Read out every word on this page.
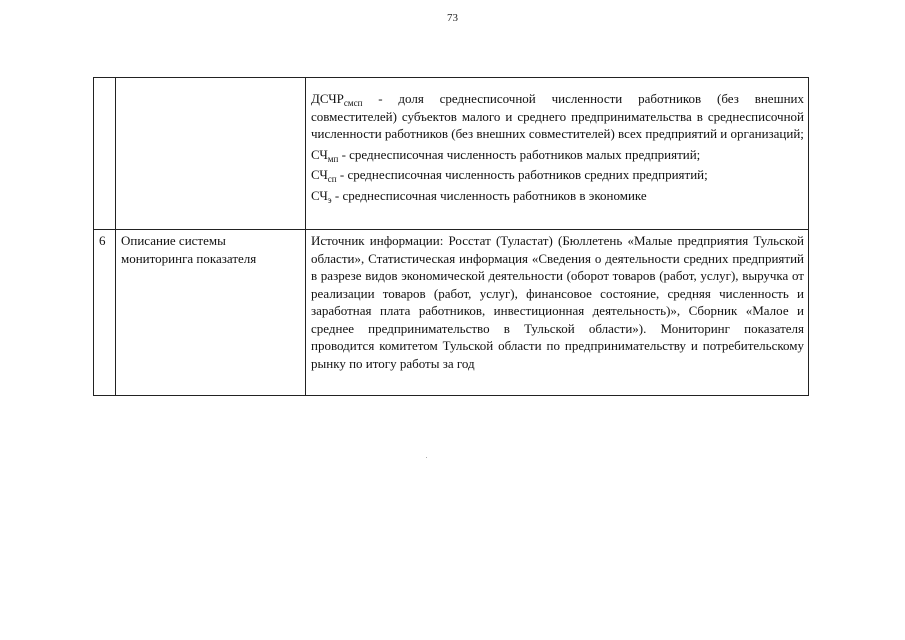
73

		$ДСЧР_{смсп}$ - доля среднесписочной численности работников (без внешних совместителей) субъектов малого и среднего предпринимательства в среднесписочной численности работников (без внешних совместителей) всех предприятий и организаций;

$СЧ_{мп}$ - среднесписочная численность работников малых предприятий;

$СЧ_{сп}$ - среднесписочная численность работников средних предприятий;

$СЧ_э$ - среднесписочная численность работников в экономике

6	Описание системы мониторинга показателя	Источник информации: Росстат (Туластат) (Бюллетень «Малые предприятия Тульской области», Статистическая информация «Сведения о деятельности средних предприятий в разрезе видов экономической деятельности (оборот товаров (работ, услуг), выручка от реализации товаров (работ, услуг), финансовое состояние, средняя численность и заработная плата работников, инвестиционная деятельность)», Сборник «Малое и среднее предпринимательство в Тульской области»). Мониторинг показателя проводится комитетом Тульской области по предпринимательству и потребительскому рынку по итогу работы за год
